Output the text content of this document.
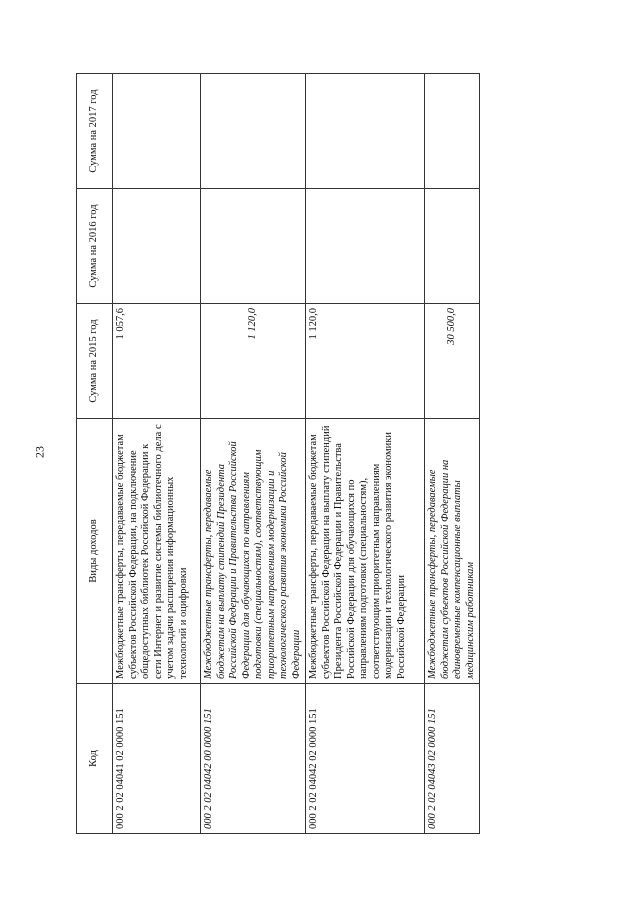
23
Код	Виды доходов	Сумма на 2015 год	Сумма на 2016 год	Сумма на 2017 год
000 2 02 04041 02 0000 151	Межбюджетные трансферты, передаваемые бюджетам субъектов Российской Федерации, на подключение общедоступных библиотек Российской Федерации к сети Интернет и развитие системы библиотечного дела с учетом задачи расширения информационных технологий и оцифровки	1 057,6		
000 2 02 04042 00 0000 151	Межбюджетные трансферты, передаваемые бюджетам на выплату стипендий Президента Российской Федерации и Правительства Российской Федерации для обучающихся по направлениям подготовки (специальностям), соответствующим приоритетным направлениям модернизации и технологического развития экономики Российской Федерации	1 120,0		
000 2 02 04042 02 0000 151	Межбюджетные трансферты, передаваемые бюджетам субъектов Российской Федерации на выплату стипендий Президента Российской Федерации и Правительства Российской Федерации для обучающихся по направлениям подготовки (специальностям), соответствующим приоритетным направлениям модернизации и технологического развития экономики Российской Федерации	1 120,0		
000 2 02 04043 02 0000 151	Межбюджетные трансферты, передаваемые бюджетам субъектов Российской Федерации на единовременные компенсационные выплаты медицинским работникам	30 500,0		
